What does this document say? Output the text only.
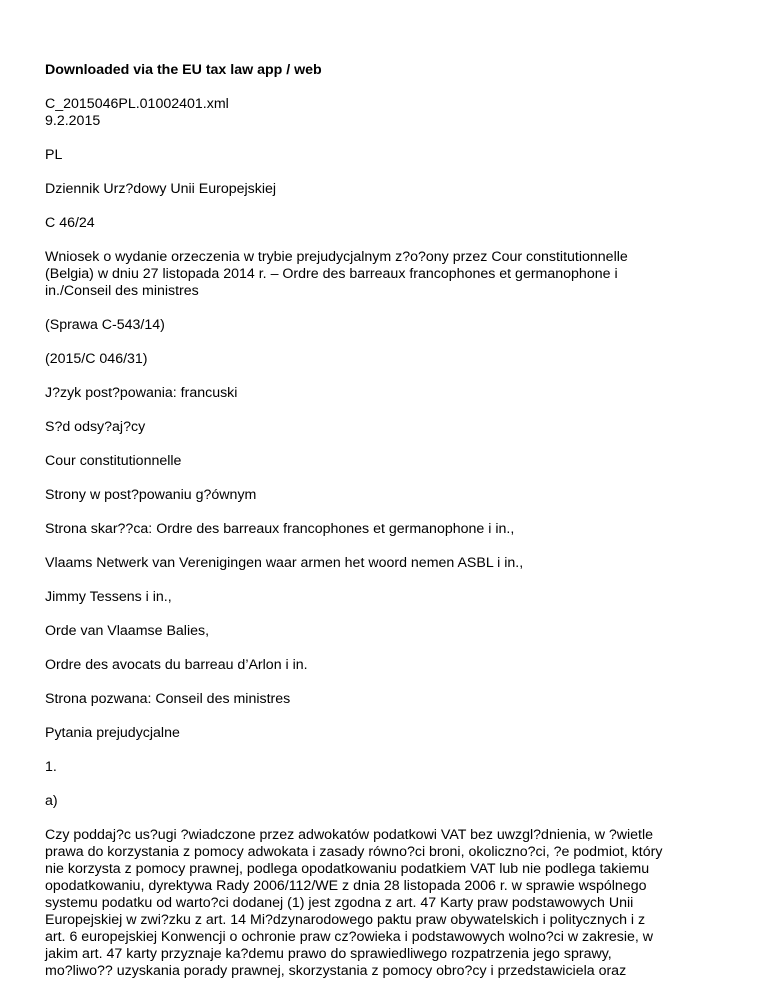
Downloaded via the EU tax law app / web

C_2015046PL.01002401.xml
9.2.2015

PL

Dziennik Urz?dowy Unii Europejskiej

C 46/24

Wniosek o wydanie orzeczenia w trybie prejudycjalnym z?o?ony przez Cour constitutionnelle
(Belgia) w dniu 27 listopada 2014 r. – Ordre des barreaux francophones et germanophone i
in./Conseil des ministres

(Sprawa C-543/14)

(2015/C 046/31)

J?zyk post?powania: francuski

S?d odsy?aj?cy

Cour constitutionnelle

Strony w post?powaniu g?ównym

Strona skar??ca: Ordre des barreaux francophones et germanophone i in.,

Vlaams Netwerk van Verenigingen waar armen het woord nemen ASBL i in.,

Jimmy Tessens i in.,

Orde van Vlaamse Balies,

Ordre des avocats du barreau d’Arlon i in.

Strona pozwana: Conseil des ministres

Pytania prejudycjalne

1.

a)

Czy poddaj?c us?ugi ?wiadczone przez adwokatów podatkowi VAT bez uwzgl?dnienia, w ?wietle
prawa do korzystania z pomocy adwokata i zasady równo?ci broni, okoliczno?ci, ?e podmiot, który
nie korzysta z pomocy prawnej, podlega opodatkowaniu podatkiem VAT lub nie podlega takiemu
opodatkowaniu, dyrektywa Rady 2006/112/WE z dnia 28 listopada 2006 r. w sprawie wspólnego
systemu podatku od warto?ci dodanej (1) jest zgodna z art. 47 Karty praw podstawowych Unii
Europejskiej w zwi?zku z art. 14 Mi?dzynarodowego paktu praw obywatelskich i politycznych i z
art. 6 europejskiej Konwencji o ochronie praw cz?owieka i podstawowych wolno?ci w zakresie, w
jakim art. 47 karty przyznaje ka?demu prawo do sprawiedliwego rozpatrzenia jego sprawy,
mo?liwo?? uzyskania porady prawnej, skorzystania z pomocy obro?cy i przedstawiciela oraz
